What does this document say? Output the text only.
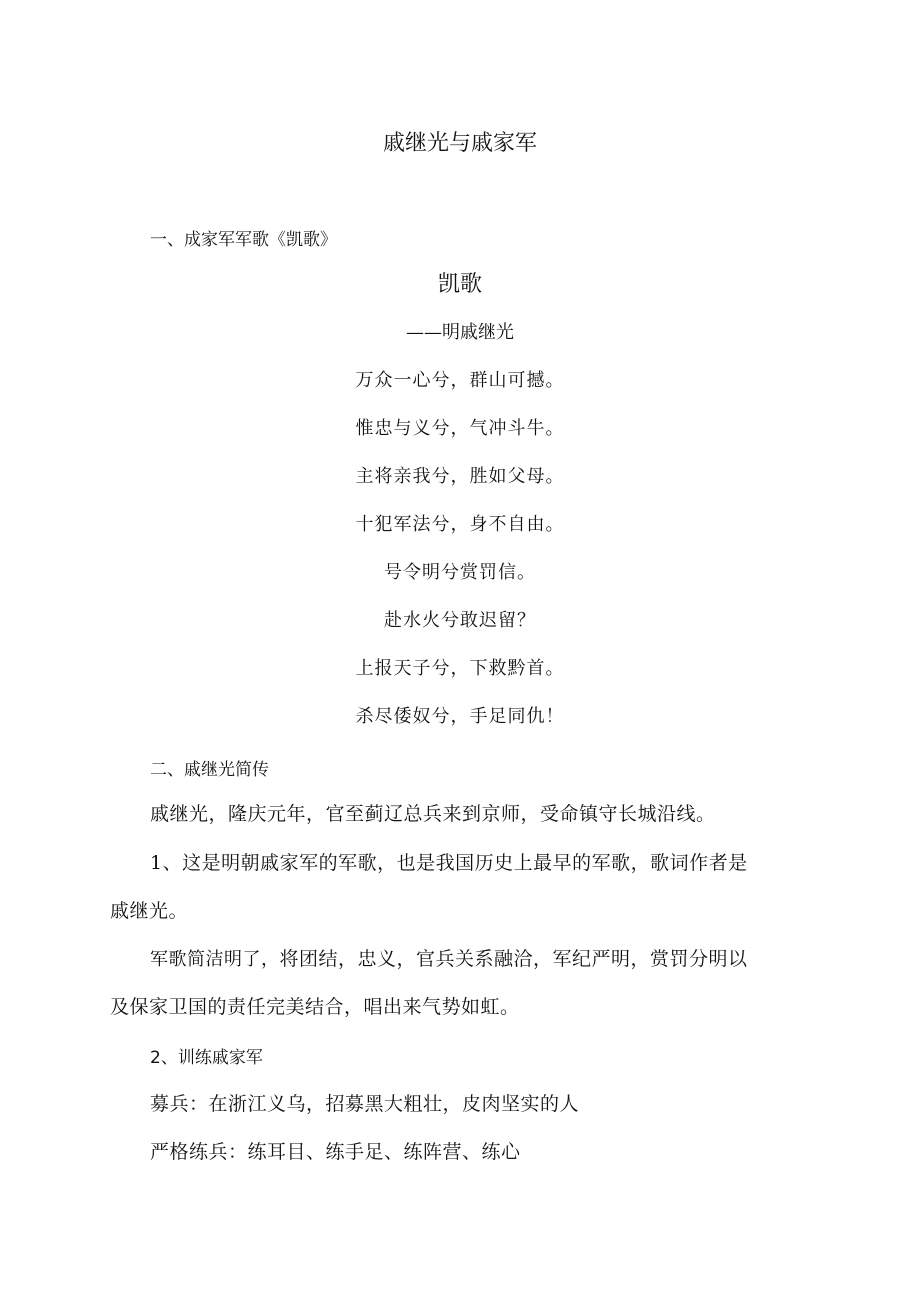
戚继光与戚家军
一、成家军军歌《凯歌》
凯歌
——明戚继光
万众一心兮，群山可撼。
惟忠与义兮，气冲斗牛。
主将亲我兮，胜如父母。
十犯军法兮，身不自由。
号令明兮赏罚信。
赴水火兮敢迟留？
上报天子兮，下救黔首。
杀尽倭奴兮，手足同仇！
二、戚继光简传
戚继光，隆庆元年，官至蓟辽总兵来到京师，受命镇守长城沿线。
1、这是明朝戚家军的军歌，也是我国历史上最早的军歌，歌词作者是
戚继光。
军歌简洁明了，将团结，忠义，官兵关系融洽，军纪严明，赏罚分明以
及保家卫国的责任完美结合，唱出来气势如虹。
2、训练戚家军
募兵：在浙江义乌，招募黑大粗壮，皮肉坚实的人
严格练兵：练耳目、练手足、练阵营、练心
